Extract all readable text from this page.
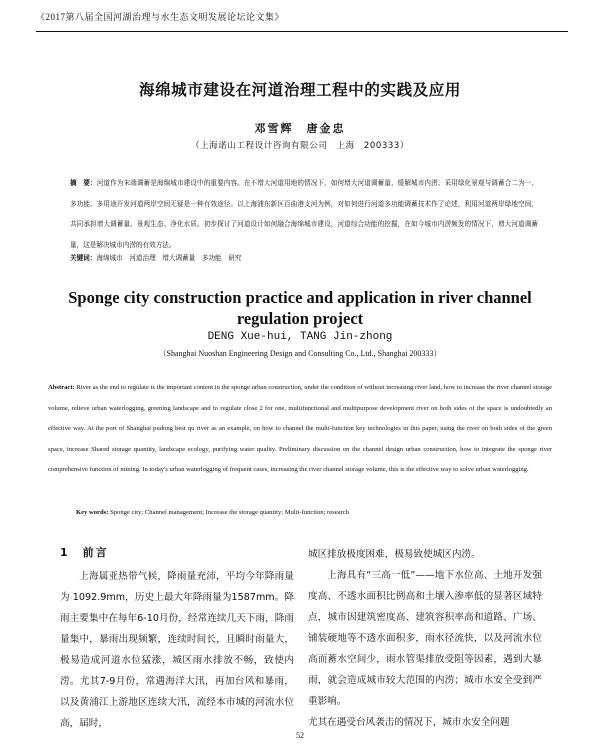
《2017第八届全国河湖治理与水生态文明发展论坛论文集》
海绵城市建设在河道治理工程中的实践及应用
邓雪辉　唐金忠
（上海诺山工程设计咨询有限公司　上海　200333）
摘　要：河道作为末端调蓄是海绵城市建设中的重要内容。在不增大河道用地的情况下，如何增大河道调蓄量、缓解城市内涝、采用绿化景观与调蓄合二为一、多功能、多用途开发河道两岸空间无疑是一种有效途径。以上海浦东新区百曲港支河为例，对如何进行河道多功能调蓄技术作了论述，利用河道两岸绿地空间，共同承担增大调蓄量、景观生态、净化水质。初步探讨了河道设计如何融合海绵城市建设，河道综合功能的挖掘，在如今城市内涝频发的情况下，增大河道调蓄量，这是解决城市内涝的有效方法。
关键词：海绵城市　河道治理　增大调蓄量　多功能　研究
Sponge city construction practice and application in river channel regulation project
DENG Xue-hui, TANG Jin-zhong
（Shanghai Nuoshan Engineering Design and Consulting Co., Ltd., Shanghai 200333）
Abstract: River as the end to regulate is the important content in the sponge urban construction, under the condition of without increasing river land, how to increase the river channel storage volume, relieve urban waterlogging, greening landscape and to regulate close 2 for one, multifunctional and multipurpose development river on both sides of the space is undoubtedly an effective way. At the port of Shanghai pudong best qu river as an example, on how to channel the multi-function key technologies in this paper, using the river on both sides of the green space, increase Shared storage quantity, landscape ecology, purifying water quality. Preliminary discussion on the channel design urban construction, how to integrate the sponge river comprehensive function of mining. In today's urban waterlogging of frequent cases, increasing the river channel storage volume, this is the effective way to solve urban waterlogging.
Key words: Sponge city; Channel management; Increase the storage quantity; Multi-function; research
1　前言

上海属亚热带气候，降雨量充沛，平均今年降雨量为 1092.9mm，历史上最大年降雨量为1587mm。降雨主要集中在每年6-10月份，经常连续几天下雨，降雨量集中，暴雨出现频繁，连续时间长，且瞬时雨量大，极易造成河道水位猛涨，城区雨水排放不畅，致使内涝。尤其7-9月份，常遇海洋大汛，再加台风和暴雨，以及黄浦江上游地区连续大汛，流经本市城的河流水位高，届时，

城区排放极度困难，极易致使城区内涝。

上海具有“三高一低”——地下水位高、土地开发强度高、不透水面积比例高和土壤入渗率低的显著区域特点，城市因建筑密度高、建筑容积率高和道路、广场、铺装硬地等不透水面积多，雨水径流快，以及河流水位高而蓄水空间少，雨水管渠排放受阻等因素，遇到大暴雨，就会造成城市较大范围的内涝；城市水安全受到严重影响。

尤其在遇受台风袭击的情况下，城市水安全问题

52
